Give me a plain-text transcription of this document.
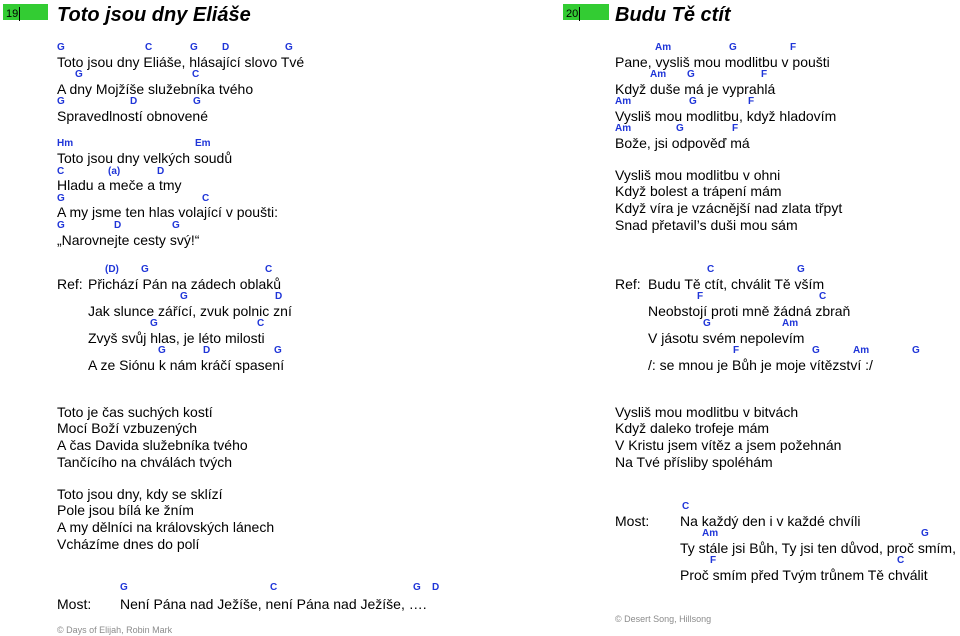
19	Toto jsou dny Eliáše
G	C	G D	G
Toto jsou dny Eliáše, hlásající slovo Tvé
G	C
A dny Mojžíše služebníka tvého
G	D	G
Spravedlností obnovené
Hm	Em
Toto jsou dny velkých soudů
C	(a)	D
Hladu a meče a tmy
G	C
A my jsme ten hlas volající v poušti:
G	D	G
„Narovnejte cesty svý!“
Ref:
(D) G	C
Přichází Pán na zádech oblaků
G	D
Jak slunce zářící, zvuk polnic zní
G	C
Zvyš svůj hlas, je léto milosti
G	D	G
A ze Siónu k nám kráčí spasení
Toto je čas suchých kostí
Mocí Boží vzbuzených
A čas Davida služebníka tvého
Tančícího na chválách tvých
Toto jsou dny, kdy se sklízí
Pole jsou bílá ke žním
A my dělníci na královských lánech
Vcházíme dnes do polí
Most:
G	C	G D
Není Pána nad Ježíše, není Pána nad Ježíše, ….
© Days of Elijah, Robin Mark
20	Budu Tě ctít
Am	G	F
Pane, vysliš mou modlitbu v poušti
Am G	F
Když duše má je vyprahlá
Am	G	F
Vysliš mou modlitbu, když hladovím
Am	G	F
Bože, jsi odpověď má
Vysliš mou modlitbu v ohni
Když bolest a trápení mám
Když víra je vzácnější nad zlata třpyt
Snad přetavil’s duši mou sám
Ref:
C	G
Budu Tě ctít, chválit Tě vším
F	C
Neobstojí proti mně žádná zbraň
G	Am
V jásotu svém nepolevím
F	G	Am	G
/: se mnou je Bůh je moje vítězství :/
Vysliš mou modlitbu v bitvách
Když daleko trofeje mám
V Kristu jsem vítěz a jsem požehnán
Na Tvé přísliby spoléhám
Most:
C
Na každý den i v každé chvíli
Am	G
Ty stále jsi Bůh, Ty jsi ten důvod, proč smím,
F	C
Proč smím před Tvým trůnem Tě chválit
© Desert Song, Hillsong
